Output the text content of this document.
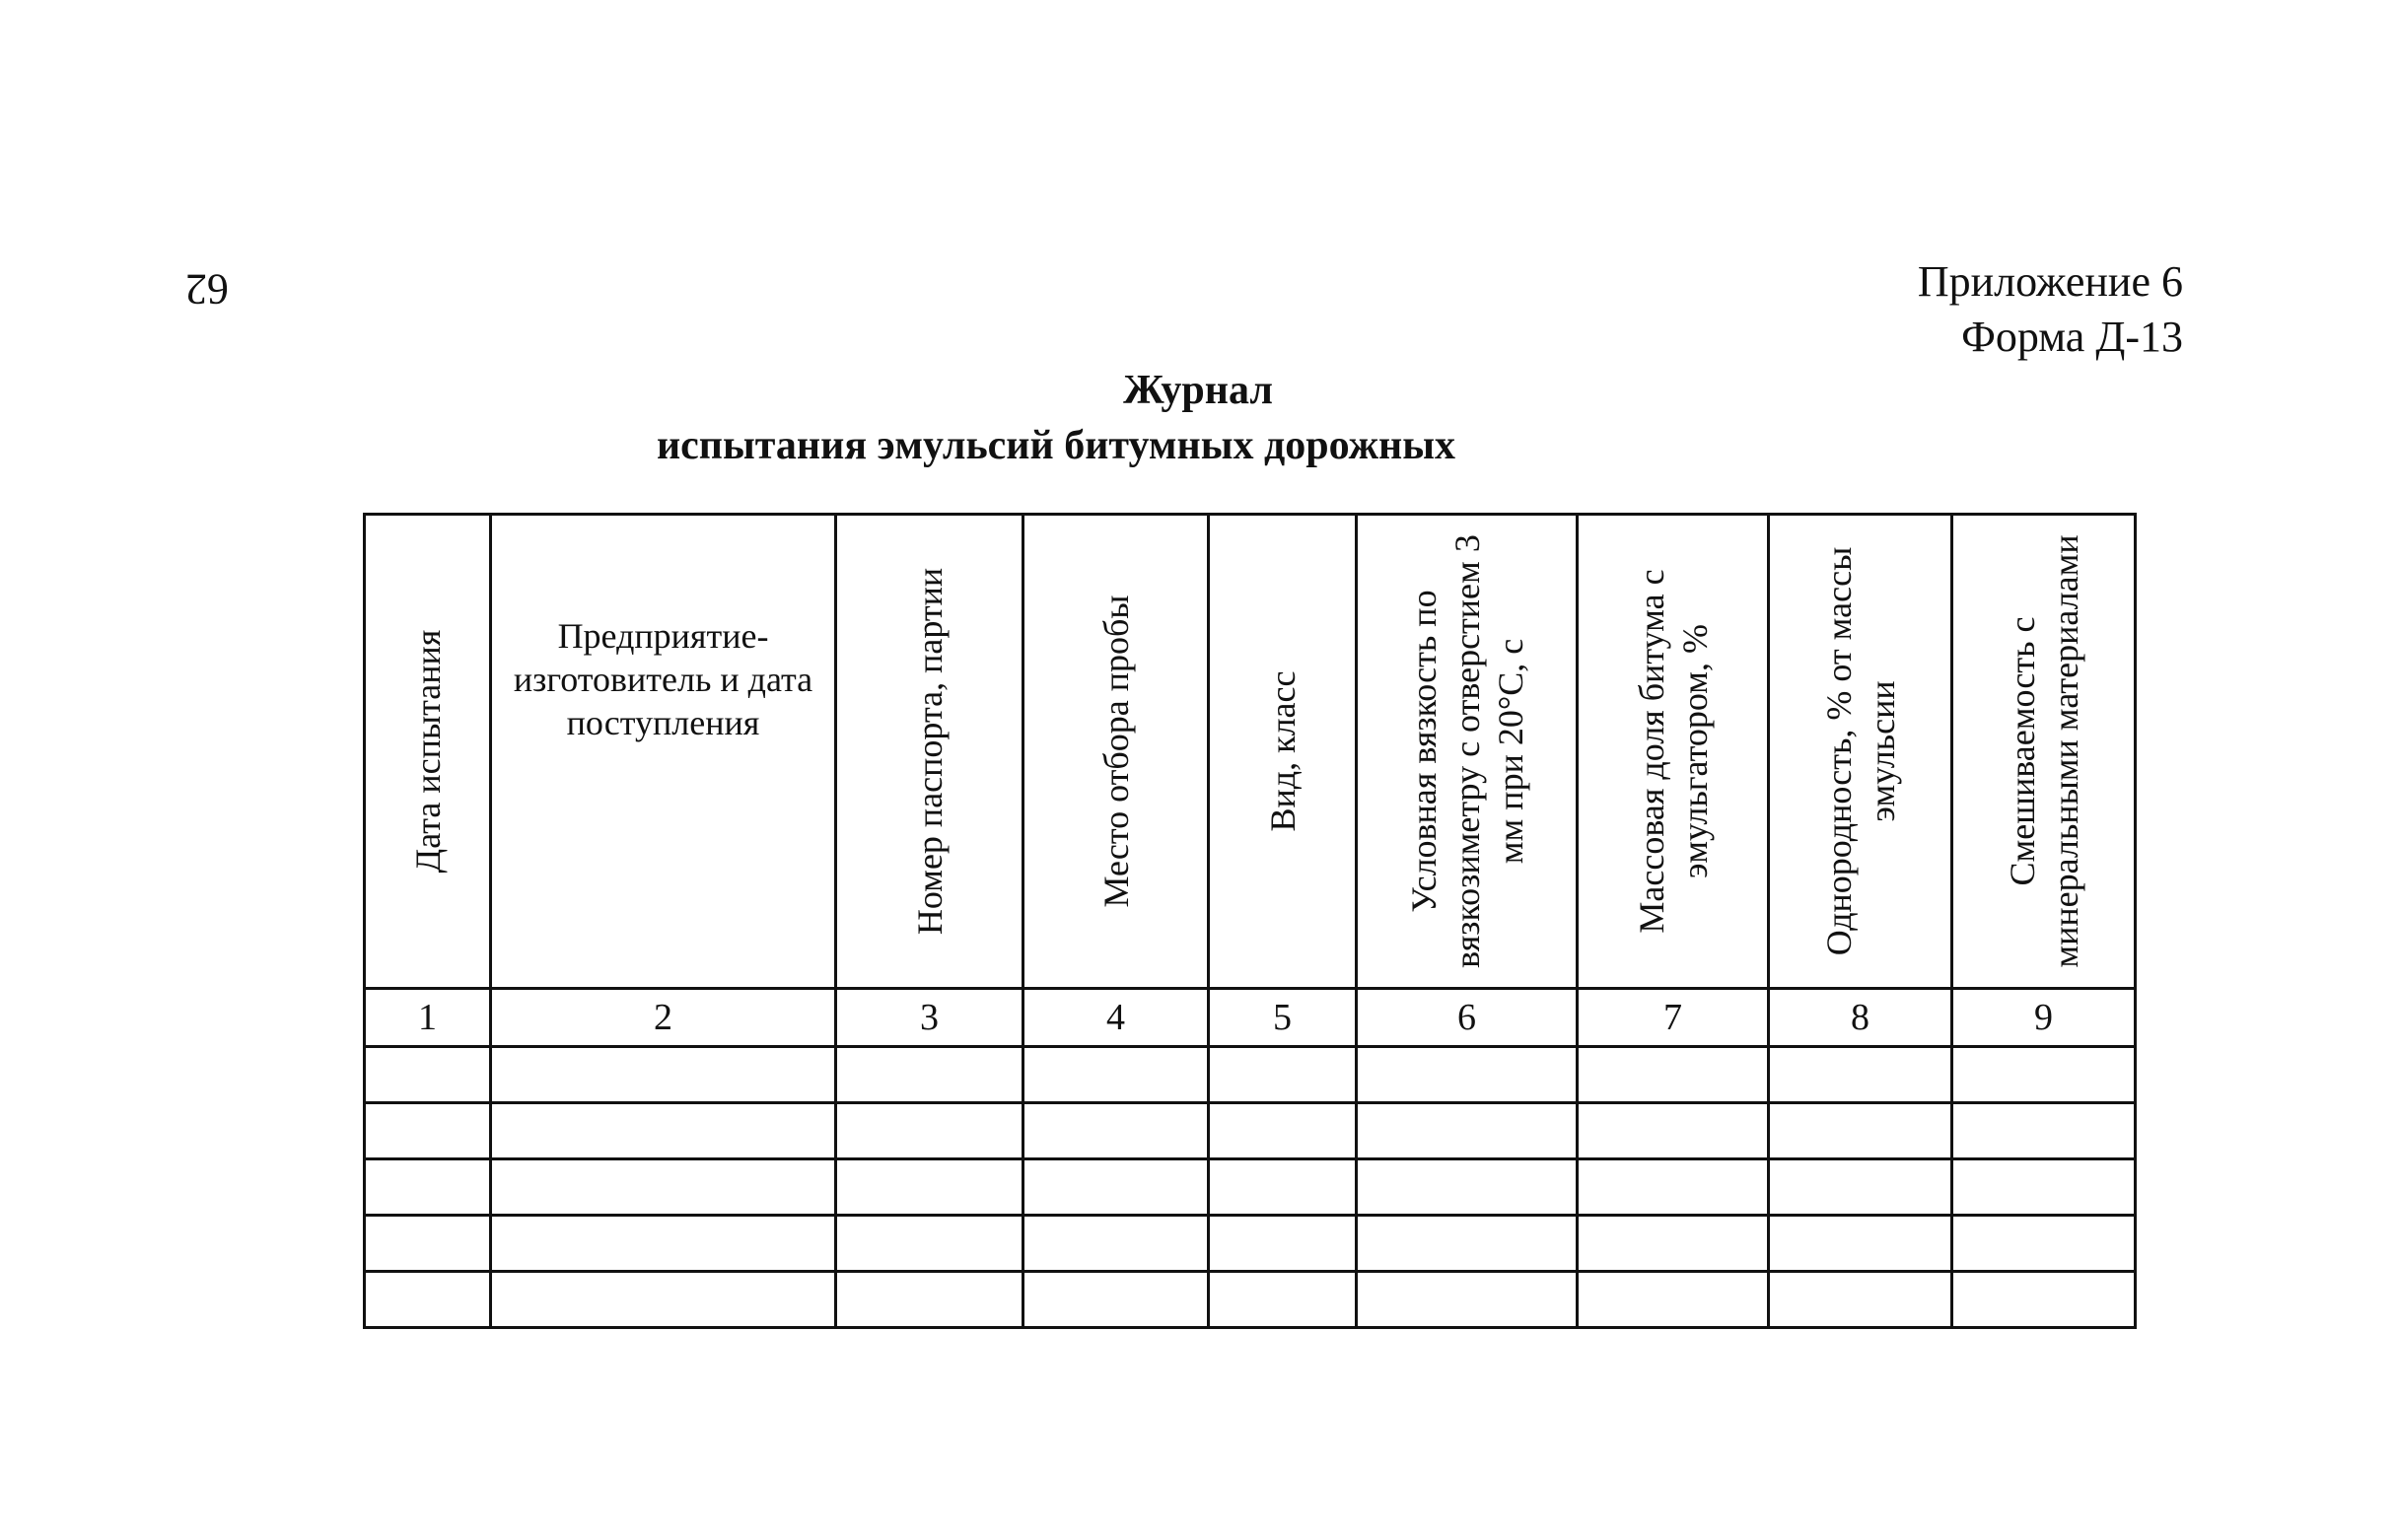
62	Приложение 6
Форма Д-13
Журнал
испытания эмульсий битумных дорожных
Дата испытания	Предприятие-изготовитель и дата поступления	Номер паспорта, партии	Место отбора пробы	Вид, класс	Условная вязкость по вязкозиметру с отверстием 3 мм при 20°С, с	Массовая доля битума с эмульгатором, %	Однородность, % от массы эмульсии	Смешиваемость с минеральными материалами

1	2	3	4	5	6	7	8	9
